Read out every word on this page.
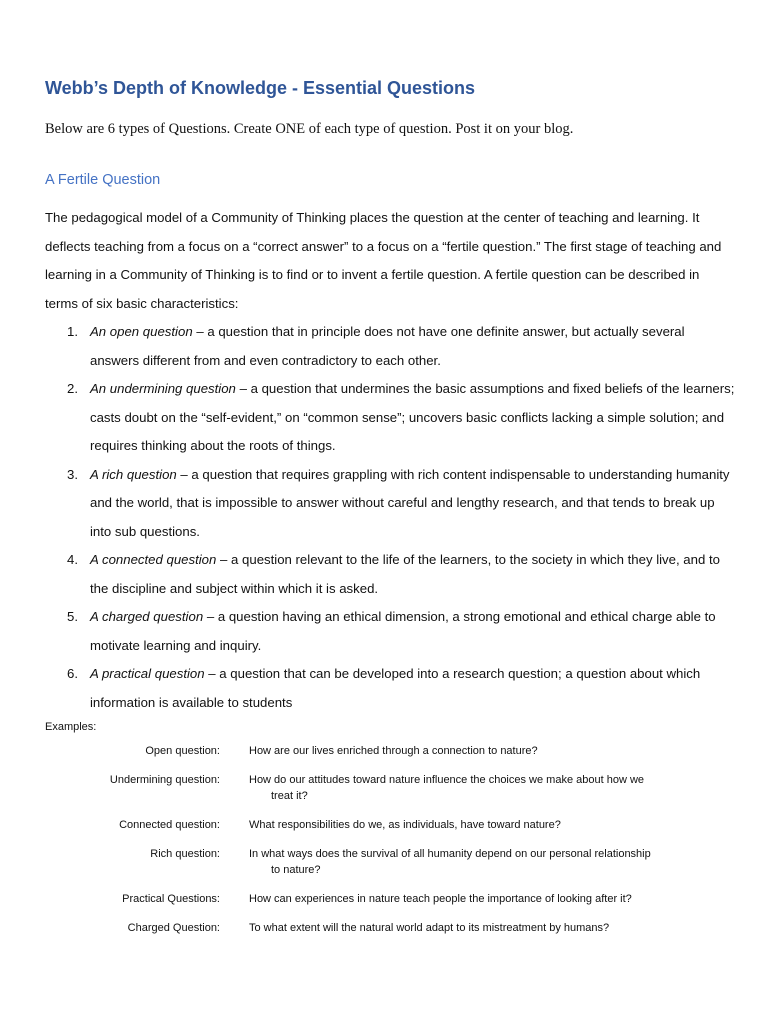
Webb’s Depth of Knowledge - Essential Questions
Below are 6 types of Questions. Create ONE of each type of question. Post it on your blog.
A Fertile Question

The pedagogical model of a Community of Thinking places the question at the center of teaching and learning. It deflects teaching from a focus on a “correct answer” to a focus on a “fertile question.” The first stage of teaching and learning in a Community of Thinking is to find or to invent a fertile question. A fertile question can be described in terms of six basic characteristics:

1. An open question – a question that in principle does not have one definite answer, but actually several answers different from and even contradictory to each other.
2. An undermining question – a question that undermines the basic assumptions and fixed beliefs of the learners; casts doubt on the “self-evident,” on “common sense”; uncovers basic conflicts lacking a simple solution; and requires thinking about the roots of things.
3. A rich question – a question that requires grappling with rich content indispensable to understanding humanity and the world, that is impossible to answer without careful and lengthy research, and that tends to break up into sub questions.
4. A connected question – a question relevant to the life of the learners, to the society in which they live, and to the discipline and subject within which it is asked.
5. A charged question – a question having an ethical dimension, a strong emotional and ethical charge able to motivate learning and inquiry.
6. A practical question – a question that can be developed into a research question; a question about which information is available to students
Examples:
Open question:	How are our lives enriched through a connection to nature?
Undermining question:	How do our attitudes toward nature influence the choices we make about how we treat it?
Connected question:	What responsibilities do we, as individuals, have toward nature?
Rich question:	In what ways does the survival of all humanity depend on our personal relationship to nature?
Practical Questions:	How can experiences in nature teach people the importance of looking after it?
Charged Question:	To what extent will the natural world adapt to its mistreatment by humans?
